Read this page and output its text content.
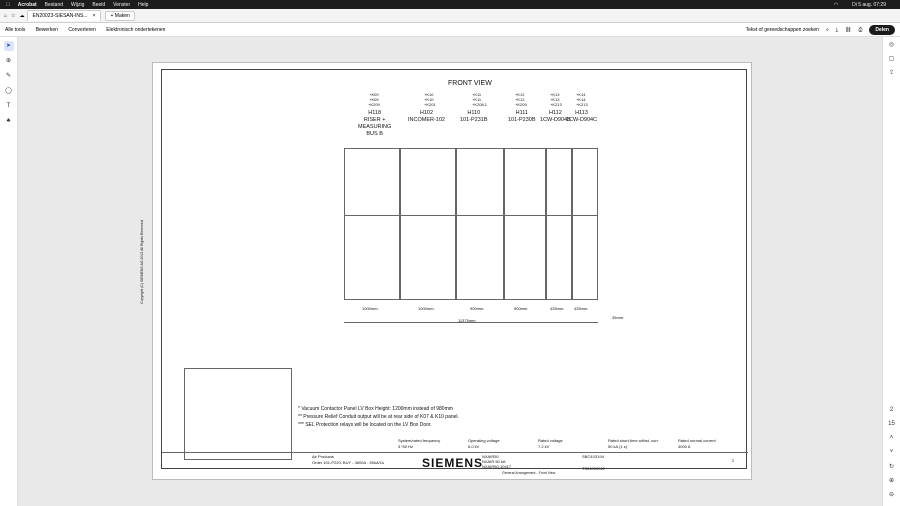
Acrobat Bestand Wijzig Beeld Venster Help	◠	Di 5 aug. 07:29
⌂ ☆ ☁ EN20023-SIESAN-INS... ×	+ Maken
Alle tools Bewerken Converteren Elektronisch ondertekenen	Tekst of gereedschappen zoeken ⌕ ⤓ ⛓ ⎙	Delen
➤
⊕
✎
◯
T
♣
◎
▢
⇪
2
15
˄
˅
↻
⊕
⊖
FRONT VIEW
+K09
+K09
+K209
H118
RISER +
MEASURING
BUS B
+K10
+K10
+K201
H102
INCOMER-102
+K11
+K11
+K208.1
H110
101-P231B
+K12
+K12
+K209
H111
101-P230B
+K13
+K13
+K213
H112
1CW-D904B
+K14
+K14
+K213
H113
1CW-D904C
1000mm.	1000mm.	900mm.	900mm.	435mm. 435mm.
35mm.
11375mm.
Copyright (C) SIEMENS AG 2012 All Rights Reserved
* Vacuum Contactor Panel LV Box Height: 1200mm instead of 980mm
** Pressure Relief Conduit output will be at rear side of K07 & K10 panel.
*** SEL Protection relays will be located on the LV Box Door.
System/rated frequency
3~50 Hz
Operating voltage
6.0 kV
Rated voltage
7.2 kV
Rated short-time withst. curr.
50 kA (1 s)
Rated normal current
4000 A
Air Products
Order 101-P220, BUY - 4600A - 50kA/1s	SIEMENS
NXAIR50
NXAIR 50 kA
NXAIR50-10417
SBO103194
TS24039022
General Arrangement - Front View
2
